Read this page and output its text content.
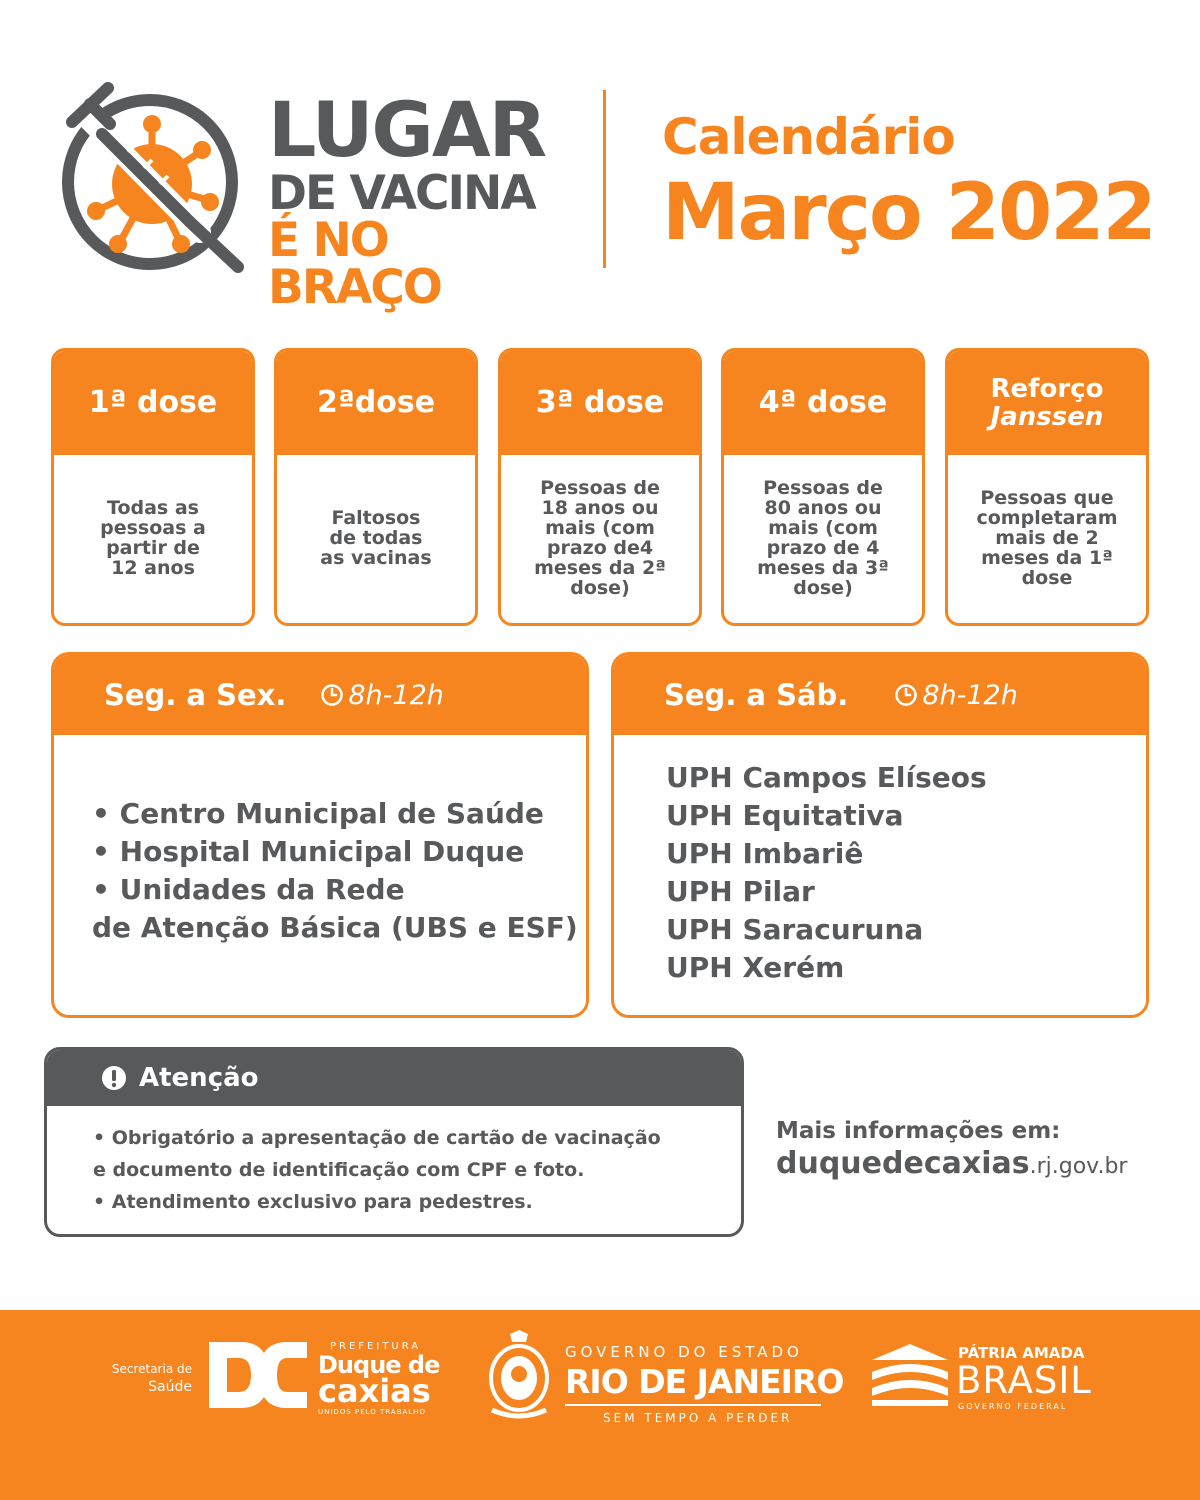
LUGAR
DE VACINA
É NO BRAÇO
Calendário
Março 2022
1ª dose
Todas as pessoas a partir de 12 anos
2ªdose
Faltosos de todas as vacinas
3ª dose
Pessoas de 18 anos ou mais (com prazo de4 meses da 2ª dose)
4ª dose
Pessoas de 80 anos ou mais (com prazo de 4 meses da 3ª dose)
Reforço
Janssen
Pessoas que completaram mais de 2 meses da 1ª dose
Seg. a Sex. 8h-12h
• Centro Municipal de Saúde
• Hospital Municipal Duque
• Unidades da Rede
de Atenção Básica (UBS e ESF)
Seg. a Sáb.	8h-12h
UPH Campos Elíseos
UPH Equitativa
UPH Imbariê
UPH Pilar
UPH Saracuruna
UPH Xerém
Atenção
• Obrigatório a apresentação de cartão de vacinação
e documento de identificação com CPF e foto.
• Atendimento exclusivo para pedestres.
Mais informações em:
duquedecaxias.rj.gov.br
Secretaria de
Saúde
PREFEITURA
Duque de
caxias
UNIDOS PELO TRABALHO
GOVERNO DO ESTADO
RIO DE JANEIRO
SEM TEMPO A PERDER
PÁTRIA AMADA
BRASIL
GOVERNO FEDERAL
